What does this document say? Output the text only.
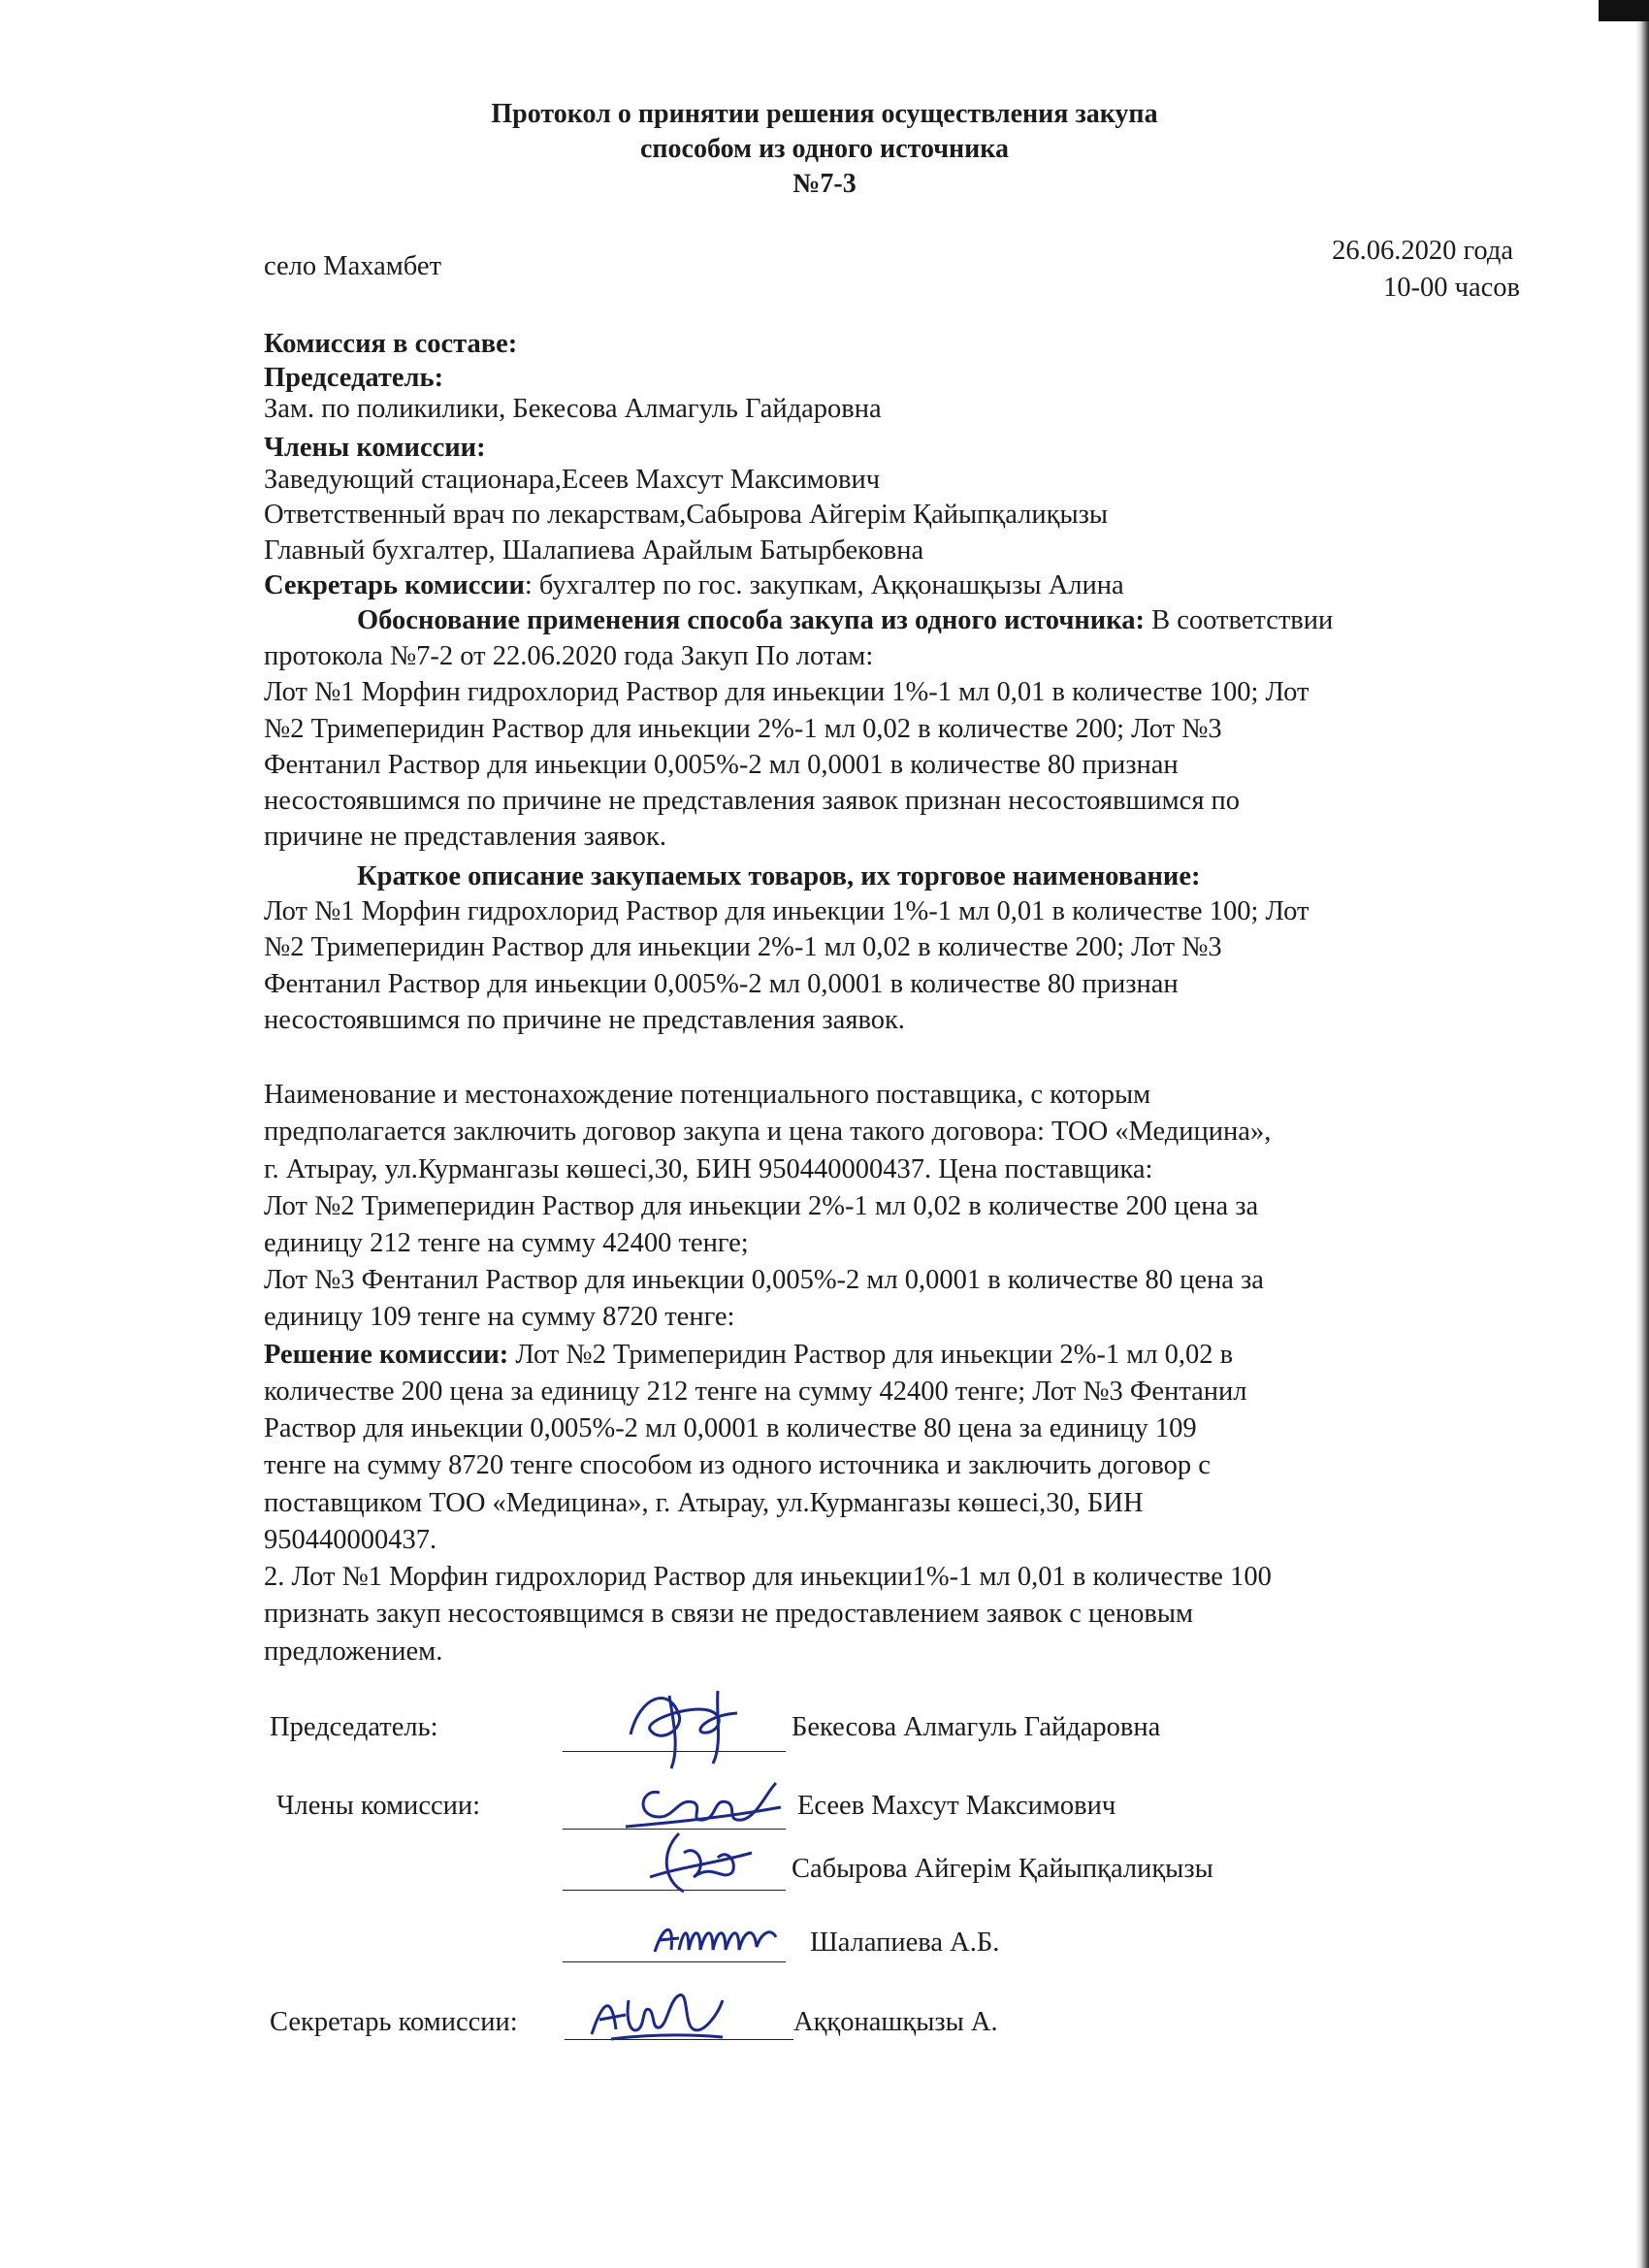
Протокол о принятии решения осуществления закупа
способом из одного источника
№7-3
село Махамбет
26.06.2020 года
10-00 часов
Комиссия в составе:
Председатель:
Зам. по поликилики, Бекесова Алмагуль Гайдаровна
Члены комиссии:
Заведующий стационара,Есеев Махсут Максимович
Ответственный врач по лекарствам,Сабырова Айгерім Қайыпқалиқызы
Главный бухгалтер, Шалапиева Арайлым Батырбековна
Секретарь комиссии: бухгалтер по гос. закупкам, Аққонашқызы Алина
Обоснование применения способа закупа из одного источника: В соответствии
протокола №7-2 от 22.06.2020 года Закуп По лотам:
Лот №1 Морфин гидрохлорид Раствор для иньекции 1%-1 мл 0,01 в количестве 100; Лот
№2 Тримеперидин Раствор для иньекции 2%-1 мл 0,02 в количестве 200; Лот №3
Фентанил Раствор для иньекции 0,005%-2 мл 0,0001 в количестве 80 признан
несостоявшимся по причине не представления заявок признан несостоявшимся по
причине не представления заявок.
Краткое описание закупаемых товаров, их торговое наименование:
Лот №1 Морфин гидрохлорид Раствор для иньекции 1%-1 мл 0,01 в количестве 100; Лот
№2 Тримеперидин Раствор для иньекции 2%-1 мл 0,02 в количестве 200; Лот №3
Фентанил Раствор для иньекции 0,005%-2 мл 0,0001 в количестве 80 признан
несостоявшимся по причине не представления заявок.
Наименование и местонахождение потенциального поставщика, с которым
предполагается заключить договор закупа и цена такого договора: ТОО «Медицина»,
г. Атырау, ул.Курмангазы көшесі,30, БИН 950440000437. Цена поставщика:
Лот №2 Тримеперидин Раствор для иньекции 2%-1 мл 0,02 в количестве 200 цена за
единицу 212 тенге на сумму 42400 тенге;
Лот №3 Фентанил Раствор для иньекции 0,005%-2 мл 0,0001 в количестве 80 цена за
единицу 109 тенге на сумму 8720 тенге:
Решение комиссии: Лот №2 Тримеперидин Раствор для иньекции 2%-1 мл 0,02 в
количестве 200 цена за единицу 212 тенге на сумму 42400 тенге; Лот №3 Фентанил
Раствор для иньекции 0,005%-2 мл 0,0001 в количестве 80 цена за единицу 109
тенге на сумму 8720 тенге способом из одного источника и заключить договор с
поставщиком ТОО «Медицина», г. Атырау, ул.Курмангазы көшесі,30, БИН
950440000437.
2. Лот №1 Морфин гидрохлорид Раствор для иньекции1%-1 мл 0,01 в количестве 100
признать закуп несостоявщимся в связи не предоставлением заявок с ценовым
предложением.
Председатель:	Бекесова Алмагуль Гайдаровна
Члены комиссии:	Есеев Махсут Максимович
Сабырова Айгерім Қайыпқалиқызы
Шалапиева А.Б.
Секретарь комиссии:	Аққонашқызы А.
